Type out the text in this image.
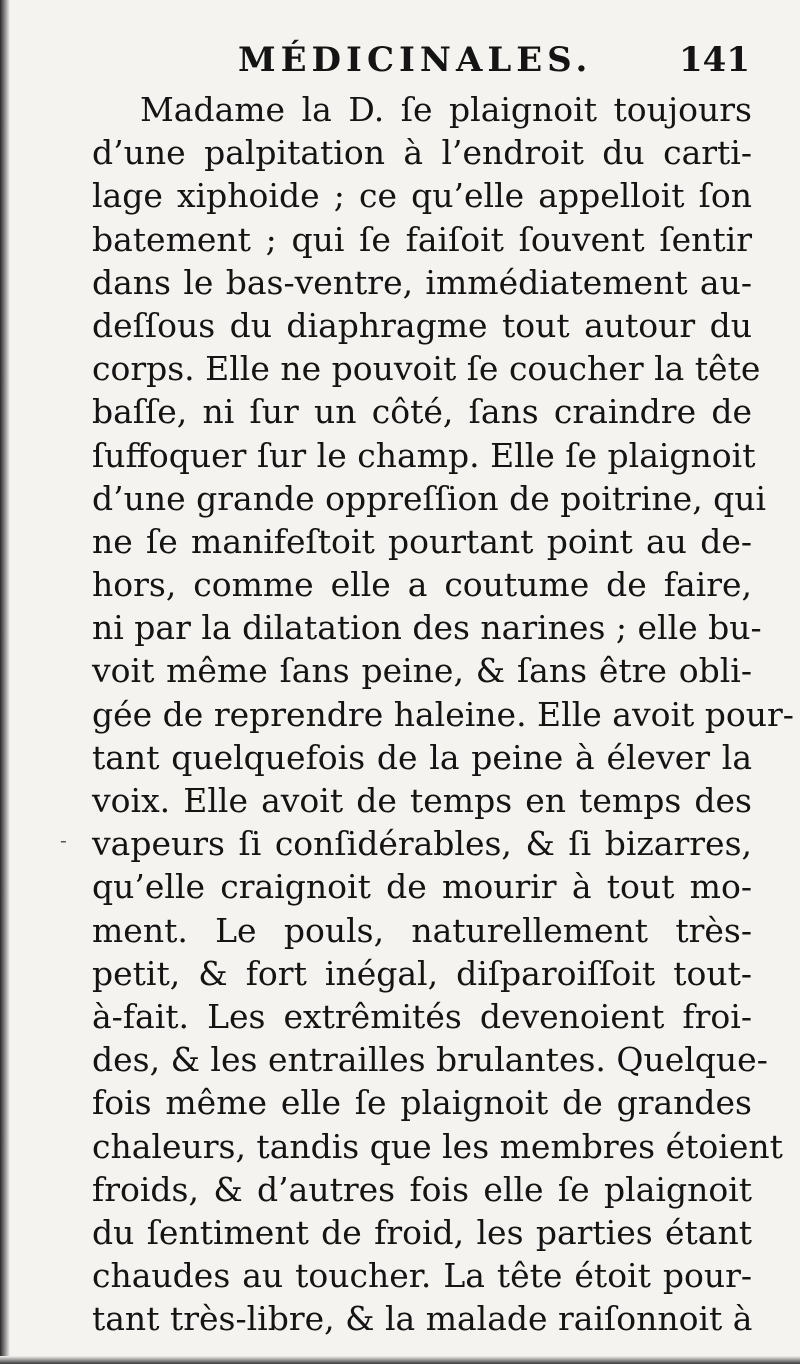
MÉDICINALES.	141
-
Madame la D. ſe plaignoit toujours
d’une palpitation à l’endroit du carti-
lage xiphoide ; ce qu’elle appelloit ſon
batement ; qui ſe faiſoit ſouvent ſentir
dans le bas-ventre, immédiatement au-
deſſous du diaphragme tout autour du
corps. Elle ne pouvoit ſe coucher la tête
baſſe, ni ſur un côté, ſans craindre de
ſuffoquer ſur le champ. Elle ſe plaignoit
d’une grande oppreſſion de poitrine, qui
ne ſe manifeſtoit pourtant point au de-
hors, comme elle a coutume de faire,
ni par la dilatation des narines ; elle bu-
voit même ſans peine, & ſans être obli-
gée de reprendre haleine. Elle avoit pour-
tant quelquefois de la peine à élever la
voix. Elle avoit de temps en temps des
vapeurs ſi conſidérables, & ſi bizarres,
qu’elle craignoit de mourir à tout mo-
ment. Le pouls, naturellement très-
petit, & fort inégal, diſparoiſſoit tout-
à-fait. Les extrêmités devenoient froi-
des, & les entrailles brulantes. Quelque-
fois même elle ſe plaignoit de grandes
chaleurs, tandis que les membres étoient
froids, & d’autres fois elle ſe plaignoit
du ſentiment de froid, les parties étant
chaudes au toucher. La tête étoit pour-
tant très-libre, & la malade raiſonnoit à
